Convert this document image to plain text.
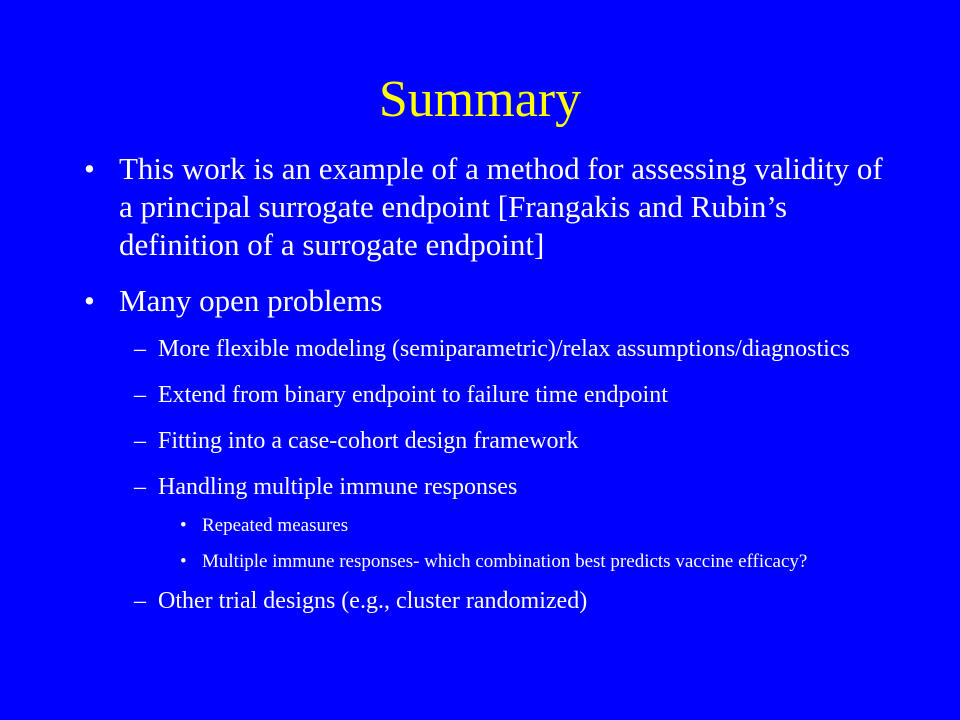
Summary
• This work is an example of a method for assessing validity of a principal surrogate endpoint [Frangakis and Rubin’s definition of a surrogate endpoint]
• Many open problems
– More flexible modeling (semiparametric)/relax assumptions/diagnostics
– Extend from binary endpoint to failure time endpoint
– Fitting into a case-cohort design framework
– Handling multiple immune responses
• Repeated measures
• Multiple immune responses- which combination best predicts vaccine efficacy?
– Other trial designs (e.g., cluster randomized)
